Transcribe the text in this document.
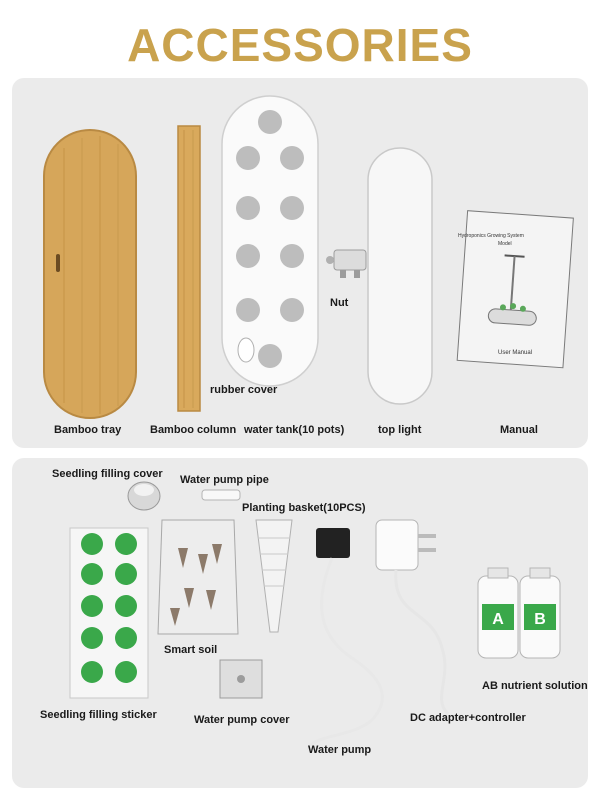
ACCESSORIES
Hydroponics Growing System
Model
User Manual
rubber cover
Nut
Bamboo tray	Bamboo column water tank(10 pots)	top light	Manual
A B
Seedling filling cover Water pump pipe
Planting basket(10PCS)
Smart soil
Seedling filling sticker	Water pump cover
Water pump
DC adapter+controller
AB nutrient solution
